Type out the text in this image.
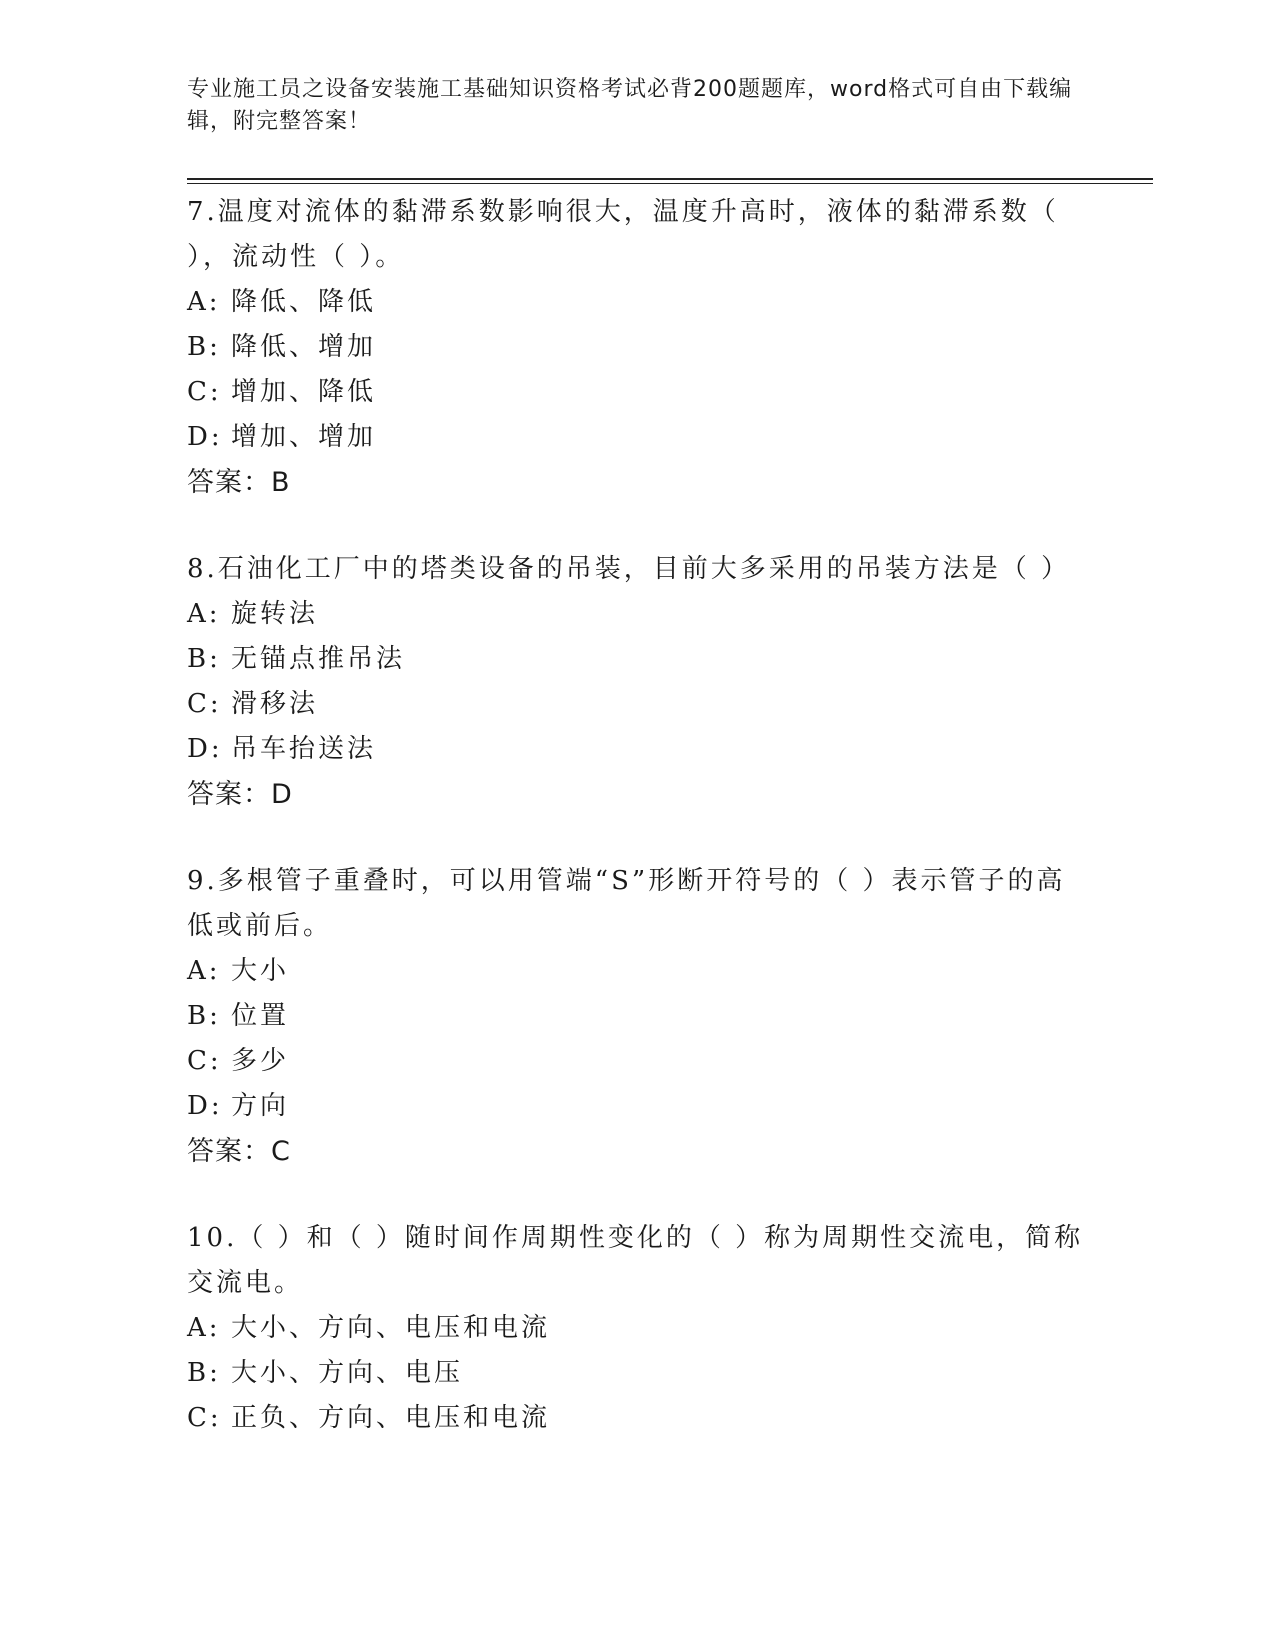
专业施工员之设备安装施工基础知识资格考试必背200题题库，word格式可自由下载编辑，附完整答案！
7.温度对流体的黏滞系数影响很大，温度升高时，液体的黏滞系数（ ），流动性（ ）。
A: 降低、降低
B: 降低、增加
C: 增加、降低
D: 增加、增加
答案：B
8.石油化工厂中的塔类设备的吊装，目前大多采用的吊装方法是（ ）
A: 旋转法
B: 无锚点推吊法
C: 滑移法
D: 吊车抬送法
答案：D
9.多根管子重叠时，可以用管端“S”形断开符号的（ ）表示管子的高低或前后。
A: 大小
B: 位置
C: 多少
D: 方向
答案：C
10.（ ）和（ ）随时间作周期性变化的（ ）称为周期性交流电，简称交流电。
A: 大小、方向、电压和电流
B: 大小、方向、电压
C: 正负、方向、电压和电流
